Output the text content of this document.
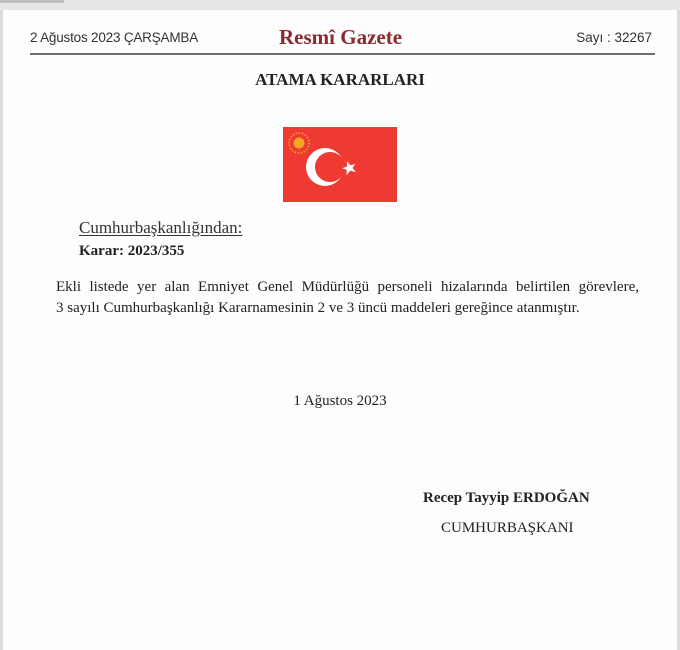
2 Ağustos 2023 ÇARŞAMBA	Resmî Gazete	Sayı : 32267
ATAMA KARARLARI
Cumhurbaşkanlığından:
Karar: 2023/355
Ekli listede yer alan Emniyet Genel Müdürlüğü personeli hizalarında belirtilen görevlere,
3 sayılı Cumhurbaşkanlığı Kararnamesinin 2 ve 3 üncü maddeleri gereğince atanmıştır.
1 Ağustos 2023
Recep Tayyip ERDOĞAN
CUMHURBAŞKANI
